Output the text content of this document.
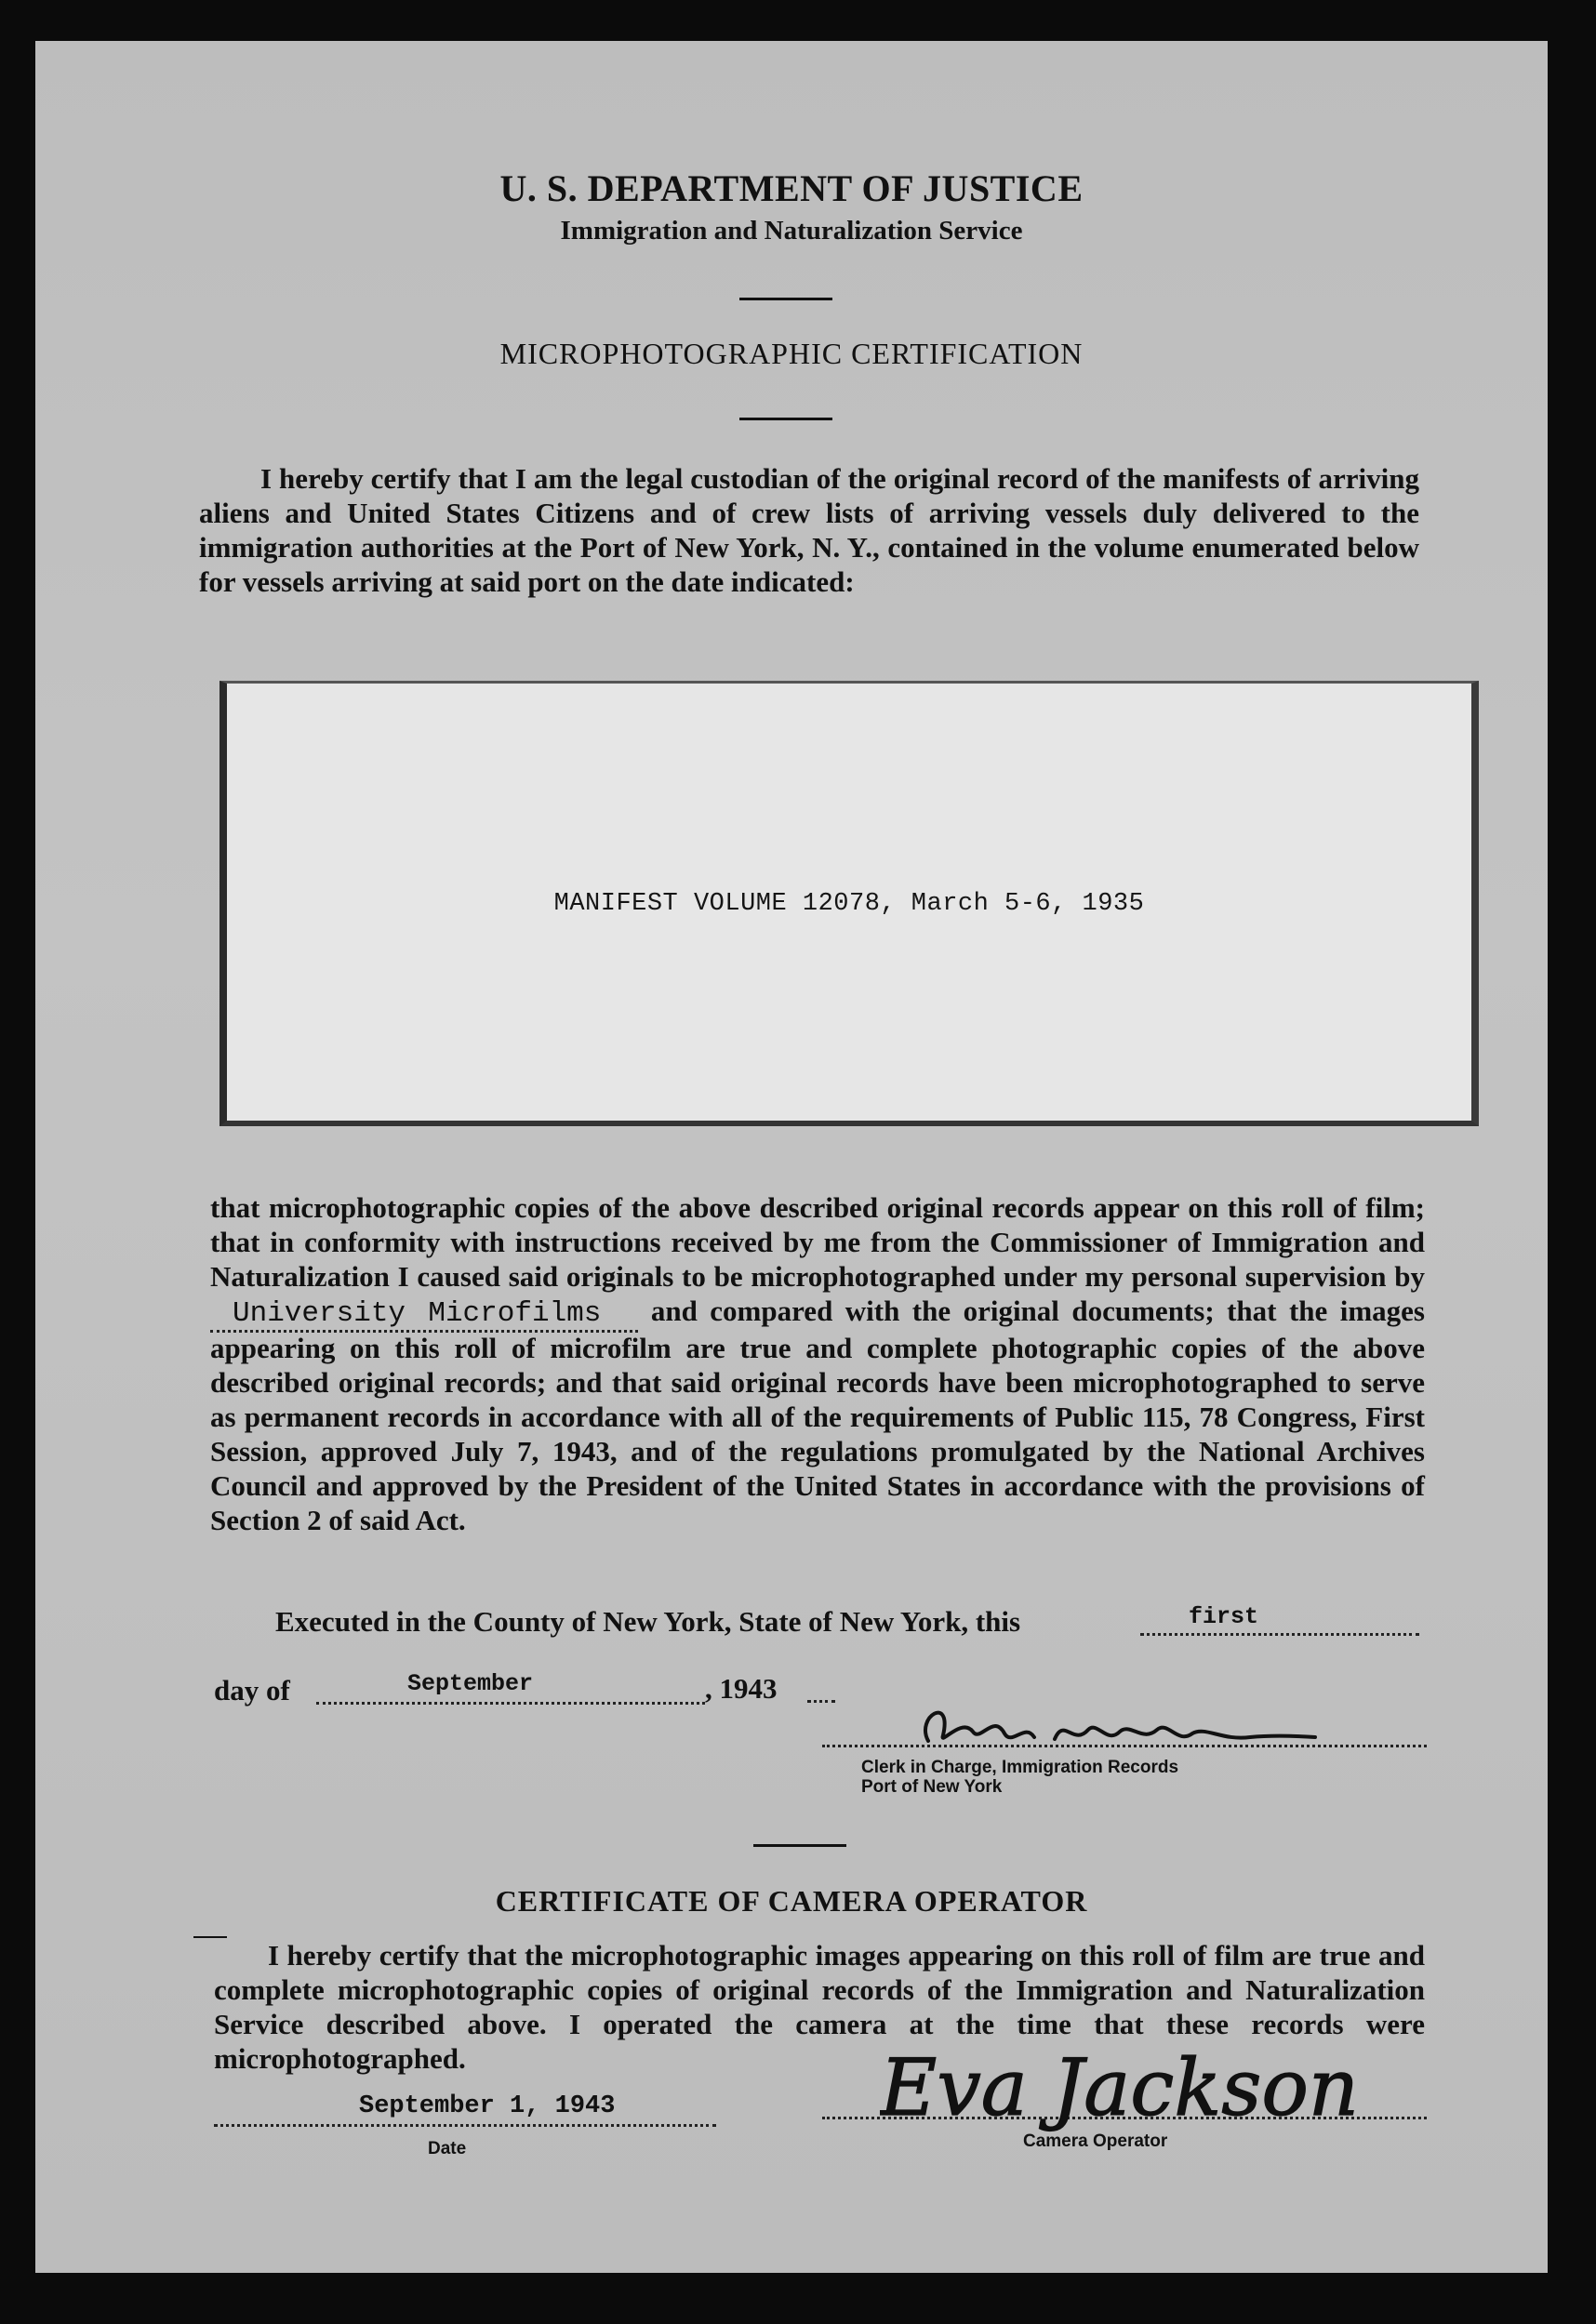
U. S. DEPARTMENT OF JUSTICE
Immigration and Naturalization Service
MICROPHOTOGRAPHIC CERTIFICATION
I hereby certify that I am the legal custodian of the original record of the manifests of arriving aliens and United States Citizens and of crew lists of arriving vessels duly delivered to the immigration authorities at the Port of New York, N. Y., contained in the volume enumerated below for vessels arriving at said port on the date indicated:
MANIFEST VOLUME 12078, March 5-6, 1935
that microphotographic copies of the above described original records appear on this roll of film; that in conformity with instructions received by me from the Commissioner of Immigration and Naturalization I caused said originals to be microphotographed under my personal supervision by University Microfilms and compared with the original documents; that the images appearing on this roll of microfilm are true and complete photographic copies of the above described original records; and that said original records have been microphotographed to serve as permanent records in accordance with all of the requirements of Public 115, 78 Congress, First Session, approved July 7, 1943, and of the regulations promulgated by the National Archives Council and approved by the President of the United States in accordance with the provisions of Section 2 of said Act.
Executed in the County of New York, State of New York, this	first
day of	September	, 1943
Clerk in Charge, Immigration Records
Port of New York
CERTIFICATE OF CAMERA OPERATOR
I hereby certify that the microphotographic images appearing on this roll of film are true and complete microphotographic copies of original records of the Immigration and Naturalization Service described above. I operated the camera at the time that these records were microphotographed.
September 1, 1943
Date
Eva Jackson
Camera Operator
